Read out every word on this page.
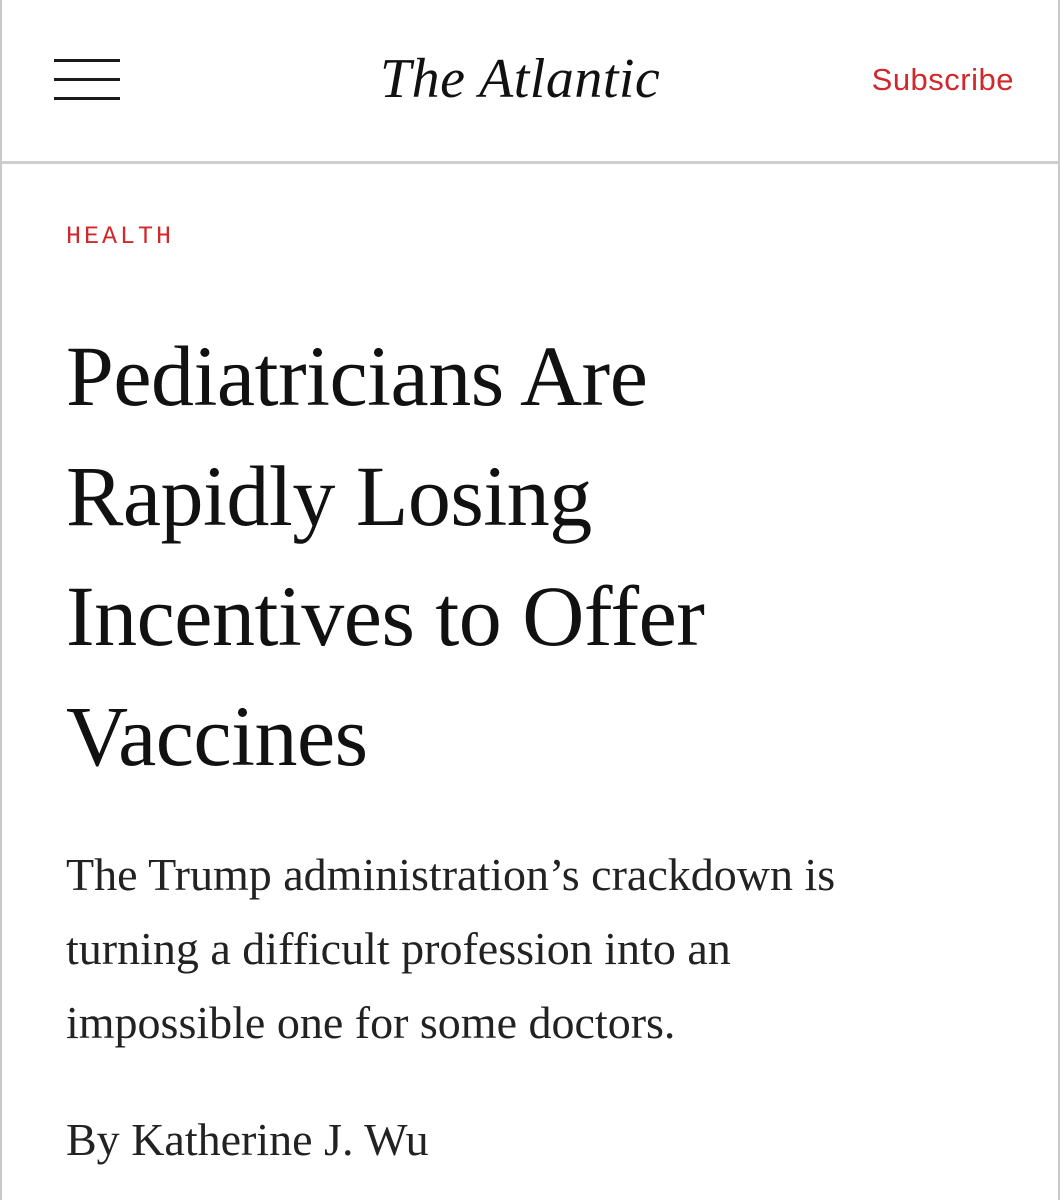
The Atlantic	Subscribe
HEALTH
Pediatricians Are
Rapidly Losing
Incentives to Offer
Vaccines

The Trump administration’s crackdown is
turning a difficult profession into an
impossible one for some doctors.

By Katherine J. Wu
